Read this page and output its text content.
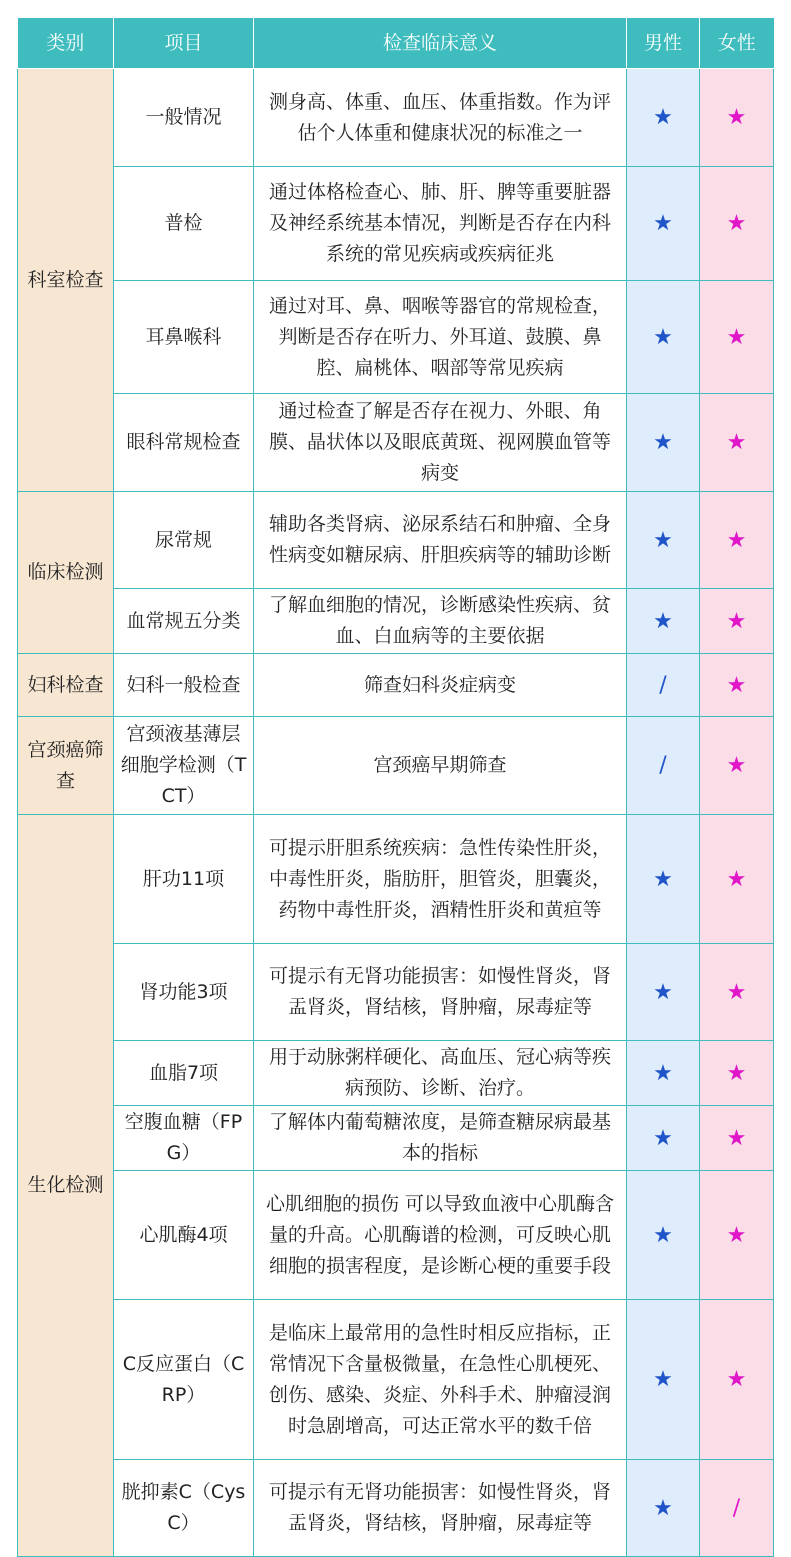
类别	项目	检查临床意义	男性	女性
科室检查	一般情况	测身高、体重、血压、体重指数。作为评估个人体重和健康状况的标准之一	★	★
	普检	通过体格检查心、肺、肝、脾等重要脏器及神经系统基本情况，判断是否存在内科系统的常见疾病或疾病征兆	★	★
	耳鼻喉科	通过对耳、鼻、咽喉等器官的常规检查，判断是否存在听力、外耳道、鼓膜、鼻腔、扁桃体、咽部等常见疾病	★	★
	眼科常规检查	通过检查了解是否存在视力、外眼、角膜、晶状体以及眼底黄斑、视网膜血管等病变	★	★
临床检测	尿常规	辅助各类肾病、泌尿系结石和肿瘤、全身性病变如糖尿病、肝胆疾病等的辅助诊断	★	★
	血常规五分类	了解血细胞的情况，诊断感染性疾病、贫血、白血病等的主要依据	★	★
妇科检查	妇科一般检查	筛查妇科炎症病变	/	★
宫颈癌筛查	宫颈液基薄层细胞学检测（TCT）	宫颈癌早期筛查	/	★
生化检测	肝功11项	可提示肝胆系统疾病：急性传染性肝炎，中毒性肝炎，脂肪肝，胆管炎，胆囊炎，药物中毒性肝炎，酒精性肝炎和黄疸等	★	★
	肾功能3项	可提示有无肾功能损害：如慢性肾炎，肾盂肾炎，肾结核，肾肿瘤，尿毒症等	★	★
	血脂7项	用于动脉粥样硬化、高血压、冠心病等疾病预防、诊断、治疗。	★	★
	空腹血糖（FPG）	了解体内葡萄糖浓度，是筛查糖尿病最基本的指标	★	★
	心肌酶4项	心肌细胞的损伤 可以导致血液中心肌酶含量的升高。心肌酶谱的检测，可反映心肌细胞的损害程度，是诊断心梗的重要手段	★	★
	C反应蛋白（CRP）	是临床上最常用的急性时相反应指标，正常情况下含量极微量，在急性心肌梗死、创伤、感染、炎症、外科手术、肿瘤浸润时急剧增高，可达正常水平的数千倍	★	★
	胱抑素C（CysC）	可提示有无肾功能损害：如慢性肾炎，肾盂肾炎，肾结核，肾肿瘤，尿毒症等	★	/
